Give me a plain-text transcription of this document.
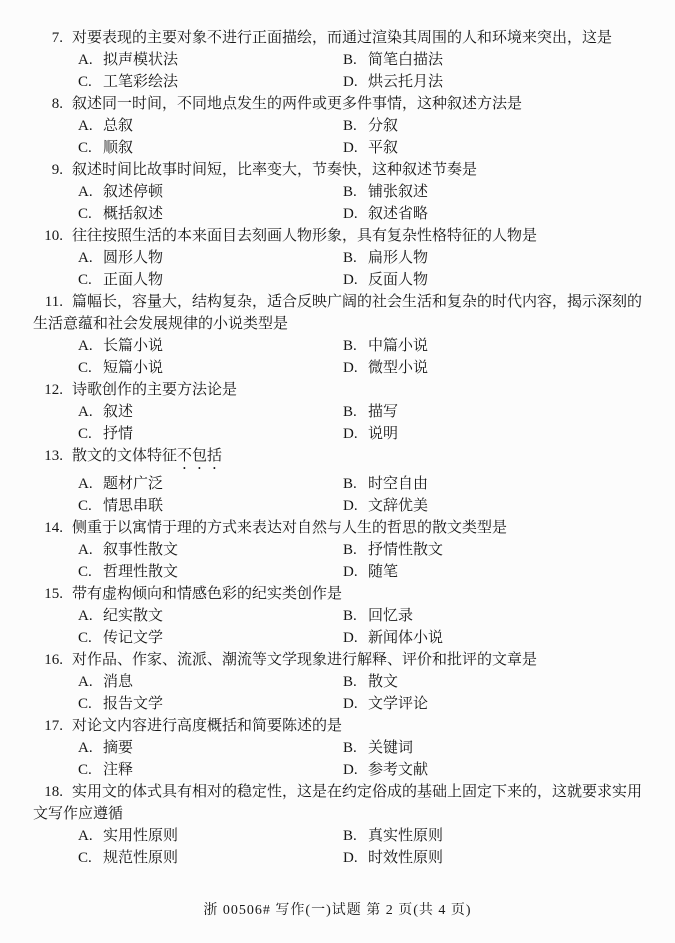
7. 对要表现的主要对象不进行正面描绘，而通过渲染其周围的人和环境来突出，这是

A. 拟声模状法	B. 简笔白描法
C. 工笔彩绘法	D. 烘云托月法

8. 叙述同一时间，不同地点发生的两件或更多件事情，这种叙述方法是

A. 总叙	B. 分叙
C. 顺叙	D. 平叙

9. 叙述时间比故事时间短，比率变大，节奏快，这种叙述节奏是

A. 叙述停顿	B. 铺张叙述
C. 概括叙述	D. 叙述省略

10. 往往按照生活的本来面目去刻画人物形象，具有复杂性格特征的人物是

A. 圆形人物	B. 扁形人物
C. 正面人物	D. 反面人物

11. 篇幅长，容量大，结构复杂，适合反映广阔的社会生活和复杂的时代内容，揭示深刻的生活意蕴和社会发展规律的小说类型是

A. 长篇小说	B. 中篇小说
C. 短篇小说	D. 微型小说

12. 诗歌创作的主要方法论是

A. 叙述	B. 描写
C. 抒情	D. 说明

13. 散文的文体特征不包括

A. 题材广泛	B. 时空自由
C. 情思串联	D. 文辞优美

14. 侧重于以寓情于理的方式来表达对自然与人生的哲思的散文类型是

A. 叙事性散文	B. 抒情性散文
C. 哲理性散文	D. 随笔

15. 带有虚构倾向和情感色彩的纪实类创作是

A. 纪实散文	B. 回忆录
C. 传记文学	D. 新闻体小说

16. 对作品、作家、流派、潮流等文学现象进行解释、评价和批评的文章是

A. 消息	B. 散文
C. 报告文学	D. 文学评论

17. 对论文内容进行高度概括和简要陈述的是

A. 摘要	B. 关键词
C. 注释	D. 参考文献

18. 实用文的体式具有相对的稳定性，这是在约定俗成的基础上固定下来的，这就要求实用文写作应遵循

A. 实用性原则	B. 真实性原则
C. 规范性原则	D. 时效性原则
浙 00506# 写作(一)试题 第 2 页(共 4 页)
